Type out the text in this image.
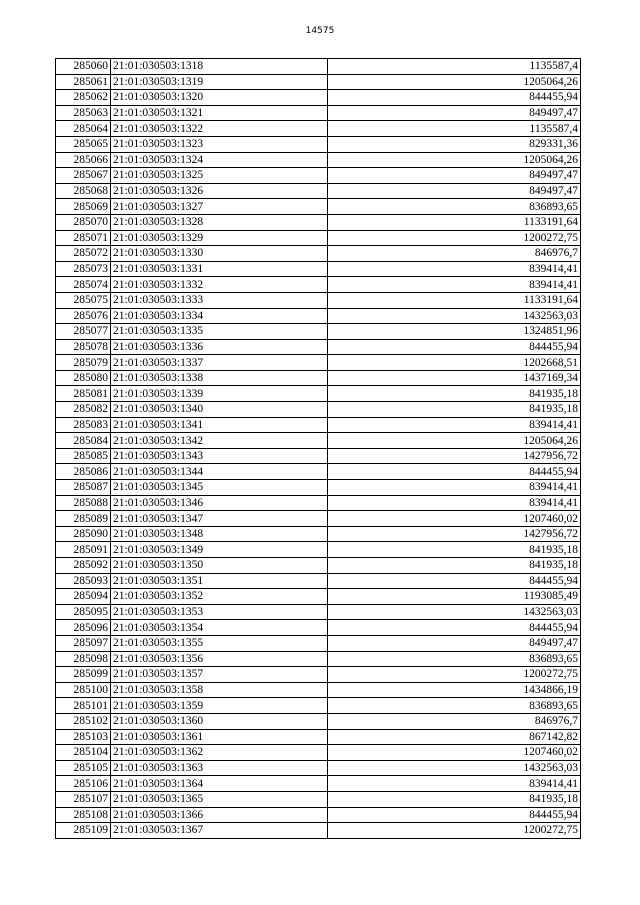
14575
285060	21:01:030503:1318	1135587,4
285061	21:01:030503:1319	1205064,26
285062	21:01:030503:1320	844455,94
285063	21:01:030503:1321	849497,47
285064	21:01:030503:1322	1135587,4
285065	21:01:030503:1323	829331,36
285066	21:01:030503:1324	1205064,26
285067	21:01:030503:1325	849497,47
285068	21:01:030503:1326	849497,47
285069	21:01:030503:1327	836893,65
285070	21:01:030503:1328	1133191,64
285071	21:01:030503:1329	1200272,75
285072	21:01:030503:1330	846976,7
285073	21:01:030503:1331	839414,41
285074	21:01:030503:1332	839414,41
285075	21:01:030503:1333	1133191,64
285076	21:01:030503:1334	1432563,03
285077	21:01:030503:1335	1324851,96
285078	21:01:030503:1336	844455,94
285079	21:01:030503:1337	1202668,51
285080	21:01:030503:1338	1437169,34
285081	21:01:030503:1339	841935,18
285082	21:01:030503:1340	841935,18
285083	21:01:030503:1341	839414,41
285084	21:01:030503:1342	1205064,26
285085	21:01:030503:1343	1427956,72
285086	21:01:030503:1344	844455,94
285087	21:01:030503:1345	839414,41
285088	21:01:030503:1346	839414,41
285089	21:01:030503:1347	1207460,02
285090	21:01:030503:1348	1427956,72
285091	21:01:030503:1349	841935,18
285092	21:01:030503:1350	841935,18
285093	21:01:030503:1351	844455,94
285094	21:01:030503:1352	1193085,49
285095	21:01:030503:1353	1432563,03
285096	21:01:030503:1354	844455,94
285097	21:01:030503:1355	849497,47
285098	21:01:030503:1356	836893,65
285099	21:01:030503:1357	1200272,75
285100	21:01:030503:1358	1434866,19
285101	21:01:030503:1359	836893,65
285102	21:01:030503:1360	846976,7
285103	21:01:030503:1361	867142,82
285104	21:01:030503:1362	1207460,02
285105	21:01:030503:1363	1432563,03
285106	21:01:030503:1364	839414,41
285107	21:01:030503:1365	841935,18
285108	21:01:030503:1366	844455,94
285109	21:01:030503:1367	1200272,75
